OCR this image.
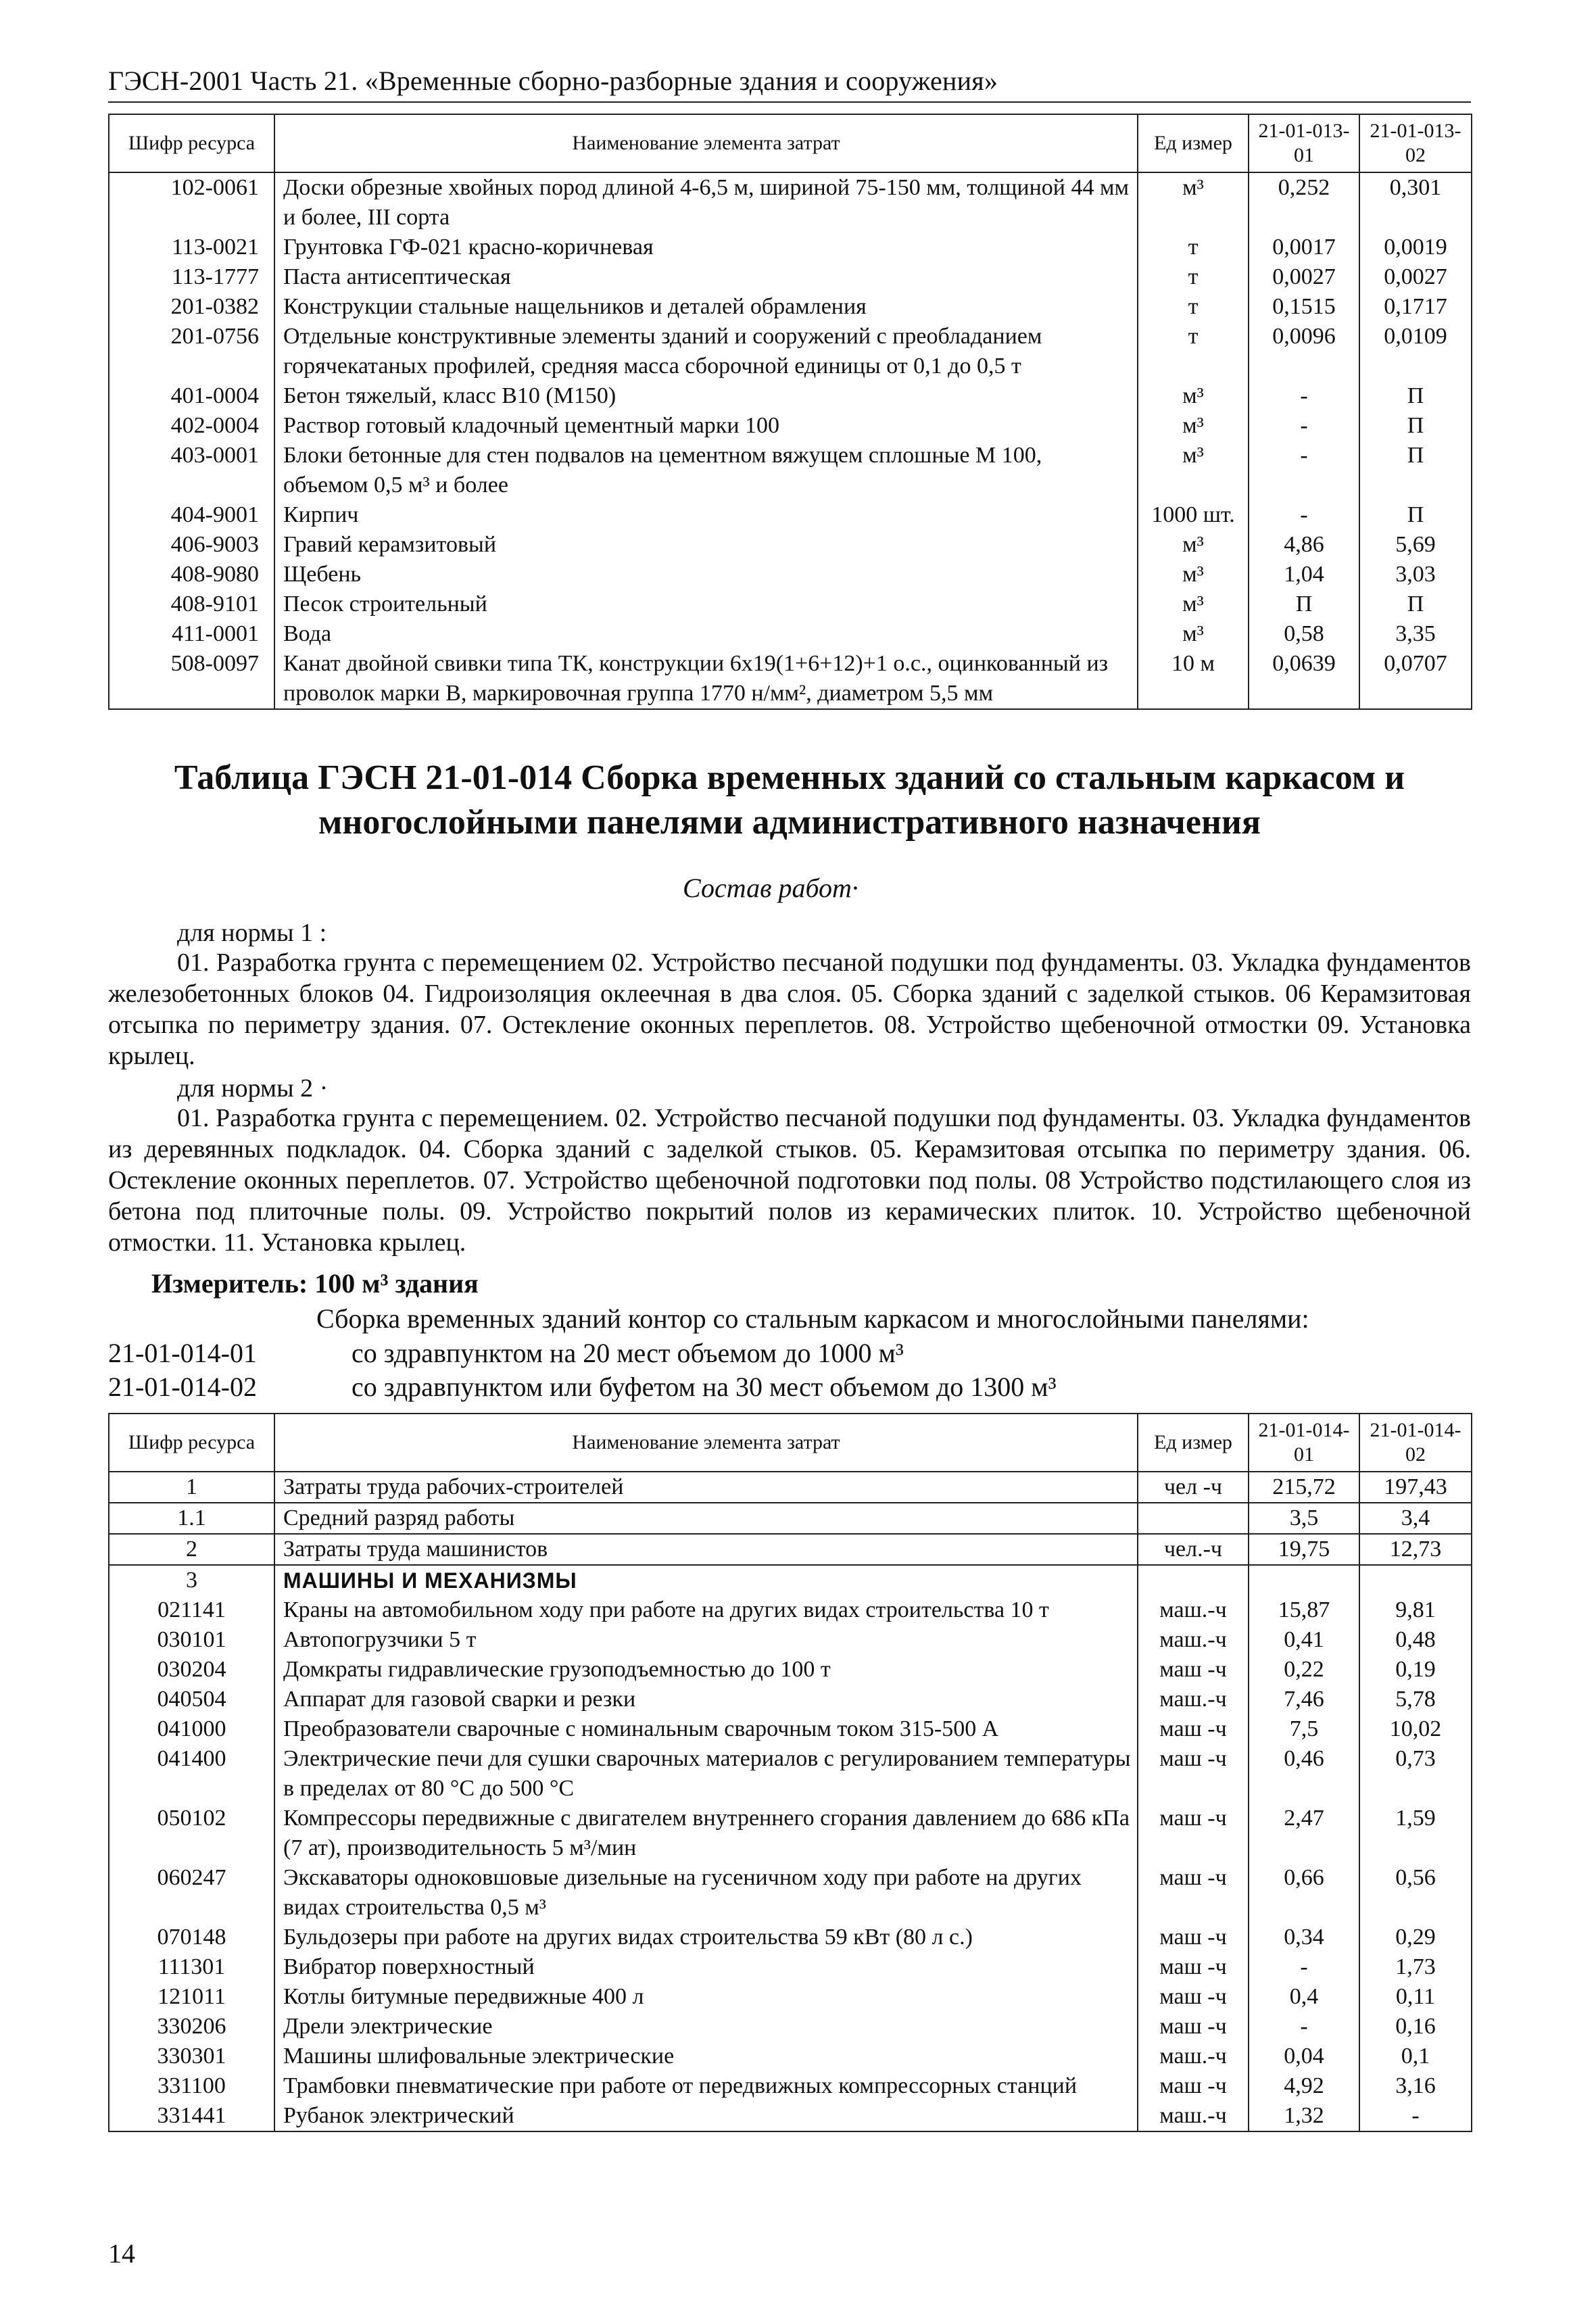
ГЭСН-2001 Часть 21. «Временные сборно-разборные здания и сооружения»
Шифр ресурса	Наименование элемента затрат	Ед измер	21-01-013-01	21-01-013-02
102-0061	Доски обрезные хвойных пород длиной 4-6,5 м, шириной 75-150 мм, толщиной 44 мм и более, III сорта	м³	0,252	0,301
113-0021	Грунтовка ГФ-021 красно-коричневая	т	0,0017	0,0019
113-1777	Паста антисептическая	т	0,0027	0,0027
201-0382	Конструкции стальные нащельников и деталей обрамления	т	0,1515	0,1717
201-0756	Отдельные конструктивные элементы зданий и сооружений с преобладанием горячекатаных профилей, средняя масса сборочной единицы от 0,1 до 0,5 т	т	0,0096	0,0109
401-0004	Бетон тяжелый, класс В10 (М150)	м³	-	П
402-0004	Раствор готовый кладочный цементный марки 100	м³	-	П
403-0001	Блоки бетонные для стен подвалов на цементном вяжущем сплошные М 100, объемом 0,5 м³ и более	м³	-	П
404-9001	Кирпич	1000 шт.	-	П
406-9003	Гравий керамзитовый	м³	4,86	5,69
408-9080	Щебень	м³	1,04	3,03
408-9101	Песок строительный	м³	П	П
411-0001	Вода	м³	0,58	3,35
508-0097	Канат двойной свивки типа ТК, конструкции 6х19(1+6+12)+1 о.с., оцинкованный из проволок марки В, маркировочная группа 1770 н/мм², диаметром 5,5 мм	10 м	0,0639	0,0707
Таблица ГЭСН 21-01-014 Сборка временных зданий со стальным каркасом и многослойными панелями административного назначения
Состав работ·
для нормы 1 :
01. Разработка грунта с перемещением 02. Устройство песчаной подушки под фундаменты. 03. Укладка фундаментов железобетонных блоков 04. Гидроизоляция оклеечная в два слоя. 05. Сборка зданий с заделкой стыков. 06 Керамзитовая отсыпка по периметру здания. 07. Остекление оконных переплетов. 08. Устройство щебеночной отмостки 09. Установка крылец.
для нормы 2 ·
01. Разработка грунта с перемещением. 02. Устройство песчаной подушки под фундаменты. 03. Укладка фундаментов из деревянных подкладок. 04. Сборка зданий с заделкой стыков. 05. Керамзитовая отсыпка по периметру здания. 06. Остекление оконных переплетов. 07. Устройство щебеночной подготовки под полы. 08 Устройство подстилающего слоя из бетона под плиточные полы. 09. Устройство покрытий полов из керамических плиток. 10. Устройство щебеночной отмостки. 11. Установка крылец.
Измеритель: 100 м³ здания
Сборка временных зданий контор со стальным каркасом и многослойными панелями:
21-01-014-01	со здравпунктом на 20 мест объемом до 1000 м³
21-01-014-02	со здравпунктом или буфетом на 30 мест объемом до 1300 м³
Шифр ресурса	Наименование элемента затрат	Ед измер	21-01-014-01	21-01-014-02
1	Затраты труда рабочих-строителей	чел -ч	215,72	197,43
1.1	Средний разряд работы		3,5	3,4
2	Затраты труда машинистов	чел.-ч	19,75	12,73
3	МАШИНЫ И МЕХАНИЗМЫ			
021141	Краны на автомобильном ходу при работе на других видах строительства 10 т	маш.-ч	15,87	9,81
030101	Автопогрузчики 5 т	маш.-ч	0,41	0,48
030204	Домкраты гидравлические грузоподъемностью до 100 т	маш -ч	0,22	0,19
040504	Аппарат для газовой сварки и резки	маш.-ч	7,46	5,78
041000	Преобразователи сварочные с номинальным сварочным током 315-500 А	маш -ч	7,5	10,02
041400	Электрические печи для сушки сварочных материалов с регулированием температуры в пределах от 80 °С до 500 °С	маш -ч	0,46	0,73
050102	Компрессоры передвижные с двигателем внутреннего сгорания давлением до 686 кПа (7 ат), производительность 5 м³/мин	маш -ч	2,47	1,59
060247	Экскаваторы одноковшовые дизельные на гусеничном ходу при работе на других видах строительства 0,5 м³	маш -ч	0,66	0,56
070148	Бульдозеры при работе на других видах строительства 59 кВт (80 л с.)	маш -ч	0,34	0,29
111301	Вибратор поверхностный	маш -ч	-	1,73
121011	Котлы битумные передвижные 400 л	маш -ч	0,4	0,11
330206	Дрели электрические	маш -ч	-	0,16
330301	Машины шлифовальные электрические	маш.-ч	0,04	0,1
331100	Трамбовки пневматические при работе от передвижных компрессорных станций	маш -ч	4,92	3,16
331441	Рубанок электрический	маш.-ч	1,32	-
14
